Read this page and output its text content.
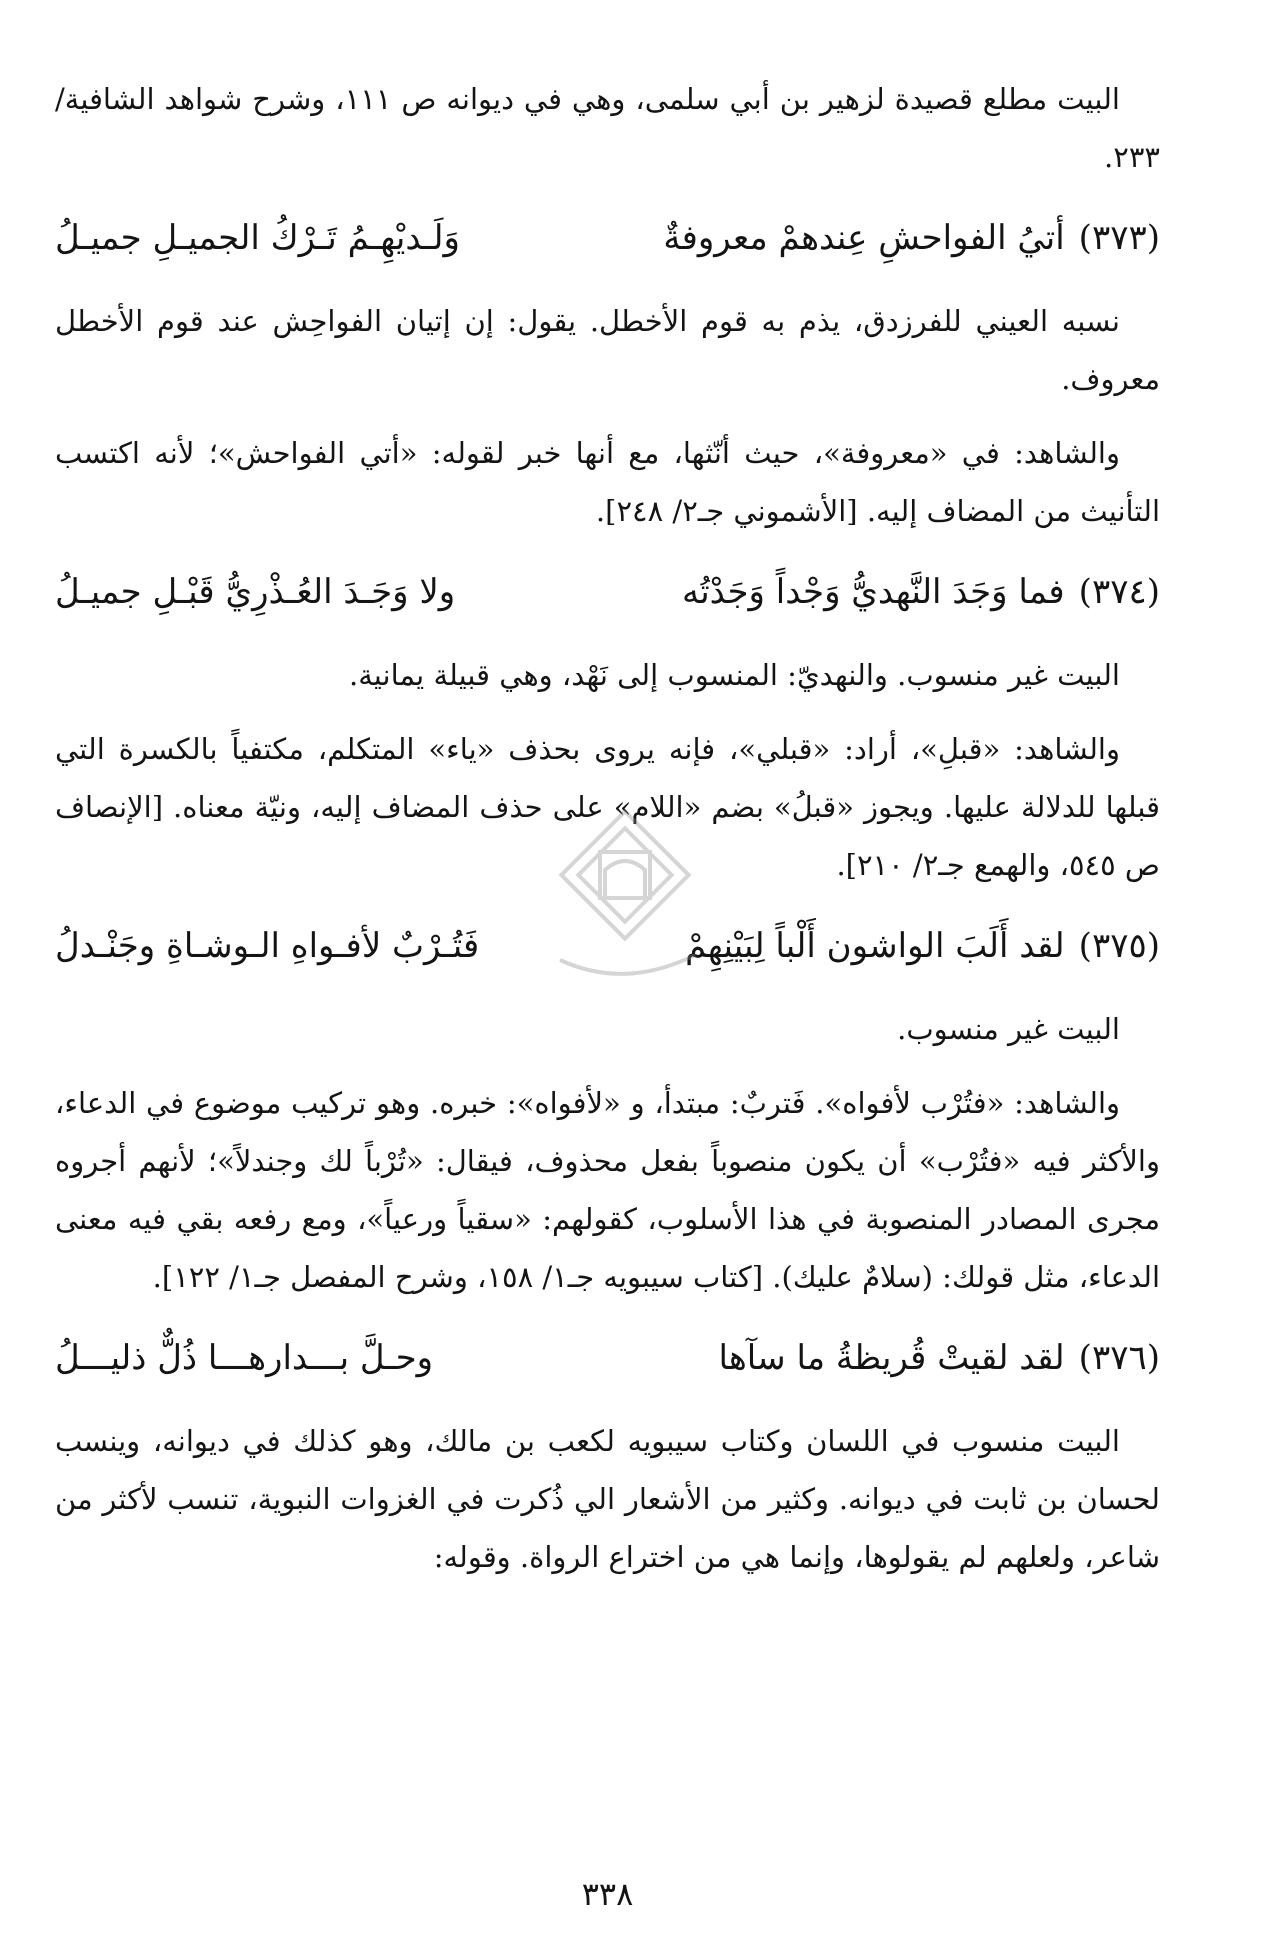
البيت مطلع قصيدة لزهير بن أبي سلمى، وهي في ديوانه ص ١١١، وشرح شواهد الشافية/ ٢٣٣.

(٣٧٣)
أتيُ الفواحشِ عِندهمْ معروفةٌ
وَلَـديْهِـمُ تَـرْكُ الجميـلِ جميـلُ

نسبه العيني للفرزدق، يذم به قوم الأخطل. يقول: إن إتيان الفواحِش عند قوم الأخطل معروف.

والشاهد: في «معروفة»، حيث أنّثها، مع أنها خبر لقوله: «أتي الفواحش»؛ لأنه اكتسب التأنيث من المضاف إليه. [الأشموني جـ٢/ ٢٤٨].

(٣٧٤)
فما وَجَدَ النَّهديُّ وَجْداً وَجَدْتُه
ولا وَجَـدَ العُـذْرِيُّ قَبْـلِ جميـلُ

البيت غير منسوب. والنهديّ: المنسوب إلى نَهْد، وهي قبيلة يمانية.

والشاهد: «قبلِ»، أراد: «قبلي»، فإنه يروى بحذف «ياء» المتكلم، مكتفياً بالكسرة التي قبلها للدلالة عليها. ويجوز «قبلُ» بضم «اللام» على حذف المضاف إليه، ونيّة معناه. [الإنصاف ص ٥٤٥، والهمع جـ٢/ ٢١٠].

(٣٧٥)
لقد أَلَبَ الواشون أَلْباً لِبَيْنِهِمْ
فَتُـرْبٌ لأفـواهِ الـوشـاةِ وجَنْـدلُ

البيت غير منسوب.

والشاهد: «فتُرْب لأفواه». فَتربٌ: مبتدأ، و «لأفواه»: خبره. وهو تركيب موضوع في الدعاء، والأكثر فيه «فتُرْب» أن يكون منصوباً بفعل محذوف، فيقال: «تُرْباً لك وجندلاً»؛ لأنهم أجروه مجرى المصادر المنصوبة في هذا الأسلوب، كقولهم: «سقياً ورعياً»، ومع رفعه بقي فيه معنى الدعاء، مثل قولك: (سلامٌ عليك). [كتاب سيبويه جـ١/ ١٥٨، وشرح المفصل جـ١/ ١٢٢].

(٣٧٦)
لقد لقيتْ قُريظةُ ما سآها
وحـلَّ بـــدارهـــا ذُلٌّ ذليـــلُ

البيت منسوب في اللسان وكتاب سيبويه لكعب بن مالك، وهو كذلك في ديوانه، وينسب لحسان بن ثابت في ديوانه. وكثير من الأشعار الي ذُكرت في الغزوات النبوية، تنسب لأكثر من شاعر، ولعلهم لم يقولوها، وإنما هي من اختراع الرواة. وقوله:

٣٣٨
